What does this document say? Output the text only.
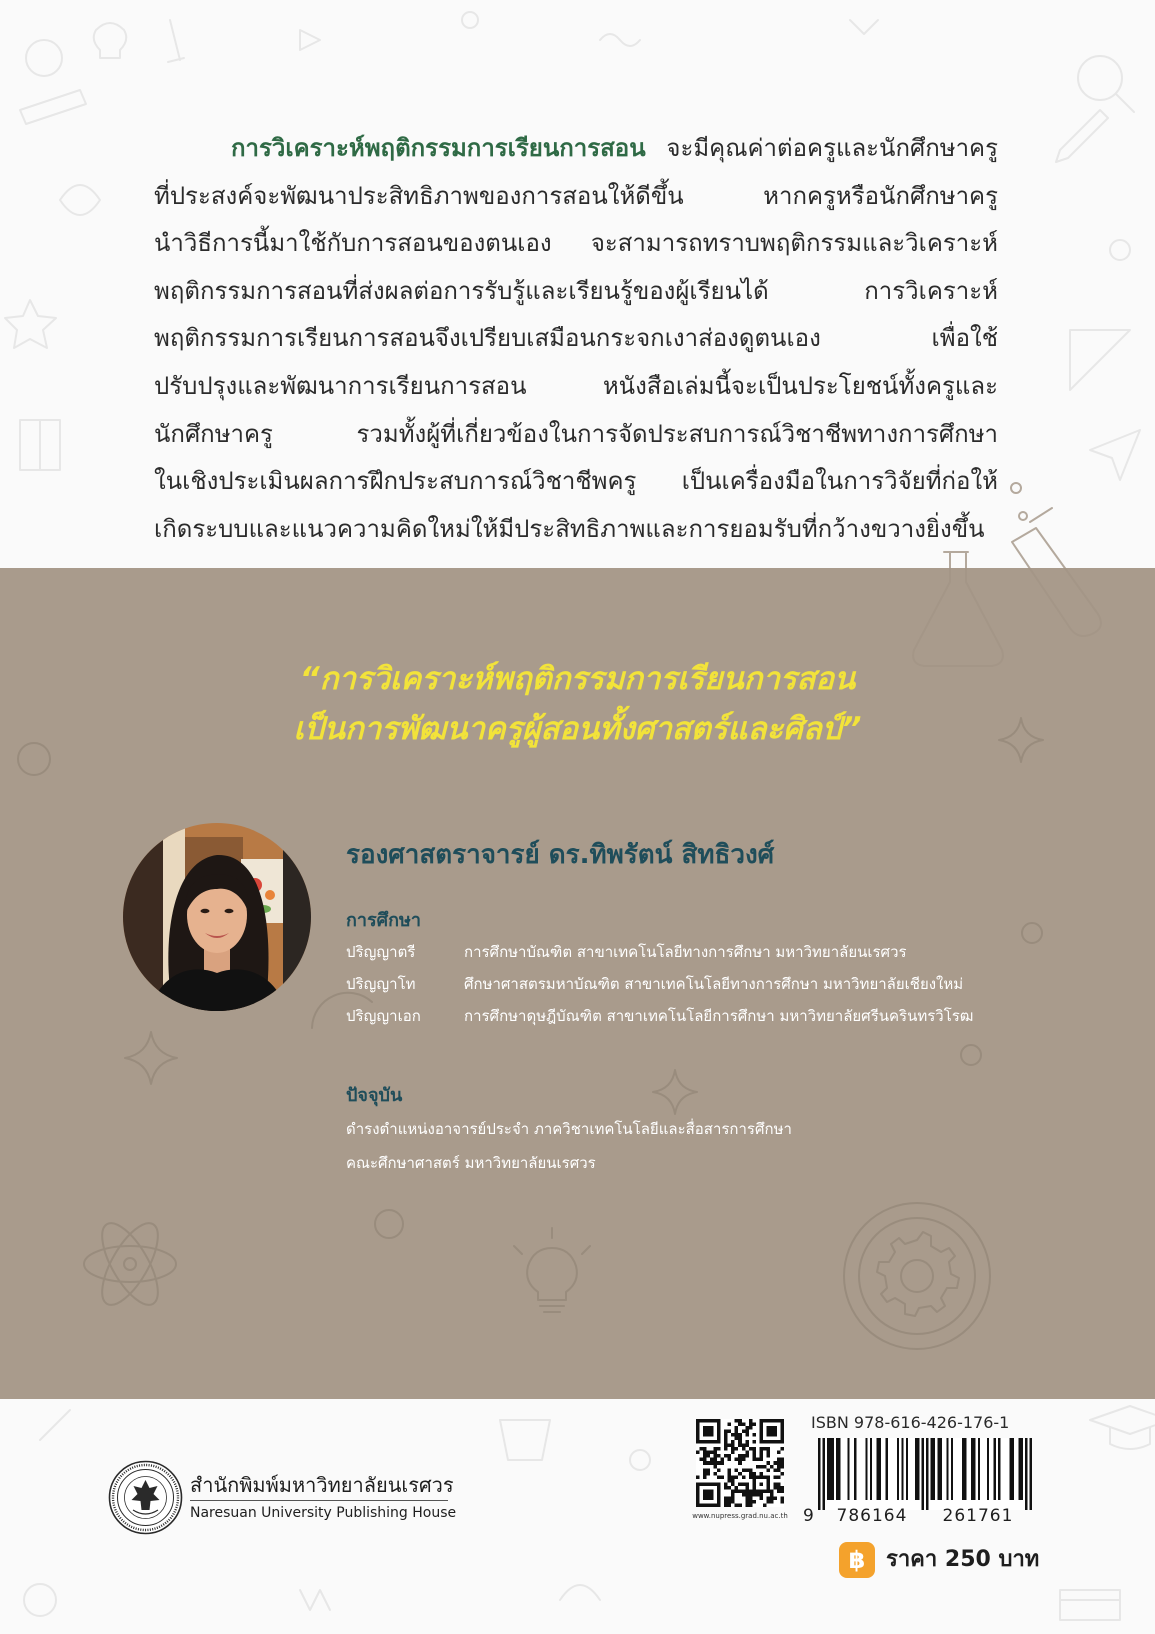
การวิเคราะห์พฤติกรรมการเรียนการสอน จะมีคุณค่าต่อครูและนักศึกษาครู

ที่ประสงค์จะพัฒนาประสิทธิภาพของการสอนให้ดีขึ้น หากครูหรือนักศึกษาครู

นำวิธีการนี้มาใช้กับการสอนของตนเอง จะสามารถทราบพฤติกรรมและวิเคราะห์

พฤติกรรมการสอนที่ส่งผลต่อการรับรู้และเรียนรู้ของผู้เรียนได้ การวิเคราะห์

พฤติกรรมการเรียนการสอนจึงเปรียบเสมือนกระจกเงาส่องดูตนเอง เพื่อใช้

ปรับปรุงและพัฒนาการเรียนการสอน หนังสือเล่มนี้จะเป็นประโยชน์ทั้งครูและ

นักศึกษาครู รวมทั้งผู้ที่เกี่ยวข้องในการจัดประสบการณ์วิชาชีพทางการศึกษา

ในเชิงประเมินผลการฝึกประสบการณ์วิชาชีพครู เป็นเครื่องมือในการวิจัยที่ก่อให้

เกิดระบบและแนวความคิดใหม่ให้มีประสิทธิภาพและการยอมรับที่กว้างขวางยิ่งขึ้น

“การวิเคราะห์พฤติกรรมการเรียนการสอน

เป็นการพัฒนาครูผู้สอนทั้งศาสตร์และศิลป์”

รองศาสตราจารย์ ดร.ทิพรัตน์ สิทธิวงศ์

การศึกษา

ปริญญาตรี	การศึกษาบัณฑิต สาขาเทคโนโลยีทางการศึกษา มหาวิทยาลัยนเรศวร

ปริญญาโท	ศึกษาศาสตรมหาบัณฑิต สาขาเทคโนโลยีทางการศึกษา มหาวิทยาลัยเชียงใหม่

ปริญญาเอก	การศึกษาดุษฎีบัณฑิต สาขาเทคโนโลยีการศึกษา มหาวิทยาลัยศรีนครินทรวิโรฒ

ปัจจุบัน

ดำรงตำแหน่งอาจารย์ประจำ ภาควิชาเทคโนโลยีและสื่อสารการศึกษา

คณะศึกษาศาสตร์ มหาวิทยาลัยนเรศวร

สำนักพิมพ์มหาวิทยาลัยนเรศวร

Naresuan University Publishing House	www.nupress.grad.nu.ac.th

ISBN 978-616-426-176-1

9	786164	261761

฿ ราคา 250 บาท
